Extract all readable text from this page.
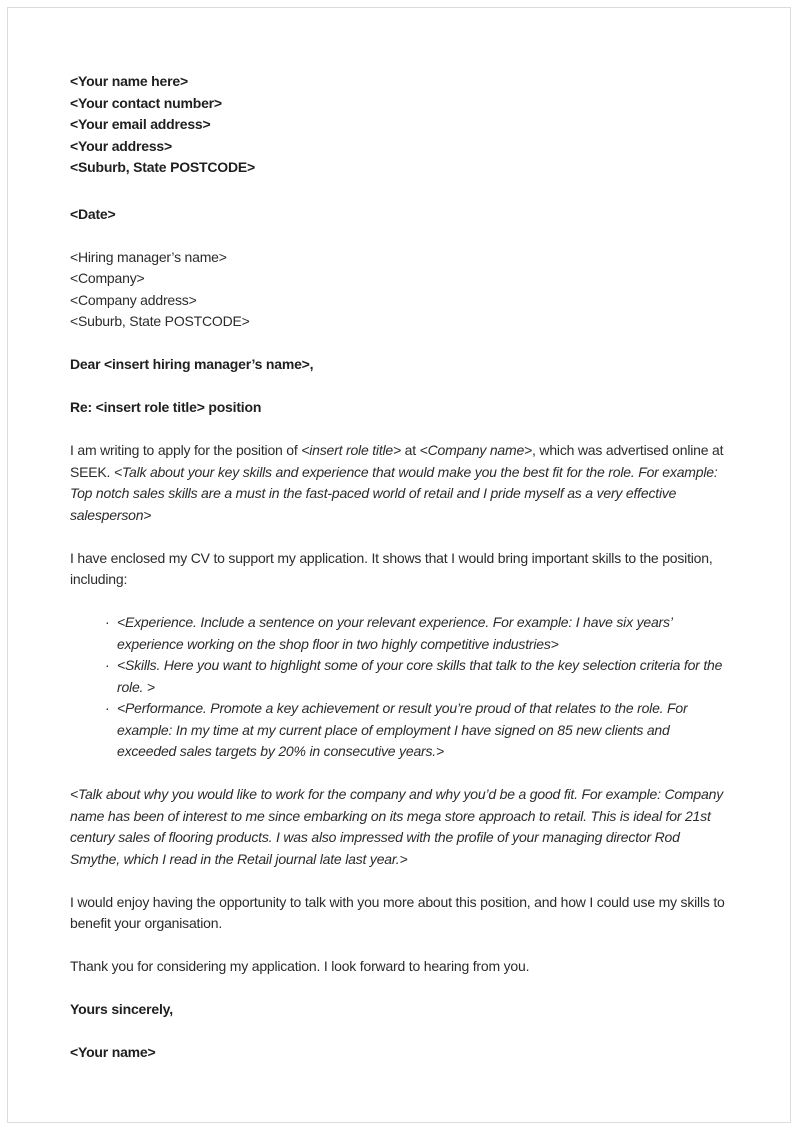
<Your name here>
<Your contact number>
<Your email address>
<Your address>
<Suburb, State POSTCODE>
<Date>
<Hiring manager’s name>
<Company>
<Company address>
<Suburb, State POSTCODE>

Dear <insert hiring manager’s name>,

Re: <insert role title> position

I am writing to apply for the position of <insert role title> at <Company name>, which was advertised online at SEEK. <Talk about your key skills and experience that would make you the best fit for the role. For example: Top notch sales skills are a must in the fast-paced world of retail and I pride myself as a very effective salesperson>

I have enclosed my CV to support my application. It shows that I would bring important skills to the position, including:

· <Experience. Include a sentence on your relevant experience. For example: I have six years’ experience working on the shop floor in two highly competitive industries>
· <Skills. Here you want to highlight some of your core skills that talk to the key selection criteria for the role. >
· <Performance. Promote a key achievement or result you’re proud of that relates to the role. For example: In my time at my current place of employment I have signed on 85 new clients and exceeded sales targets by 20% in consecutive years.>

<Talk about why you would like to work for the company and why you’d be a good fit. For example: Company name has been of interest to me since embarking on its mega store approach to retail. This is ideal for 21st century sales of flooring products. I was also impressed with the profile of your managing director Rod Smythe, which I read in the Retail journal late last year.>

I would enjoy having the opportunity to talk with you more about this position, and how I could use my skills to benefit your organisation.

Thank you for considering my application. I look forward to hearing from you.

Yours sincerely,

<Your name>
